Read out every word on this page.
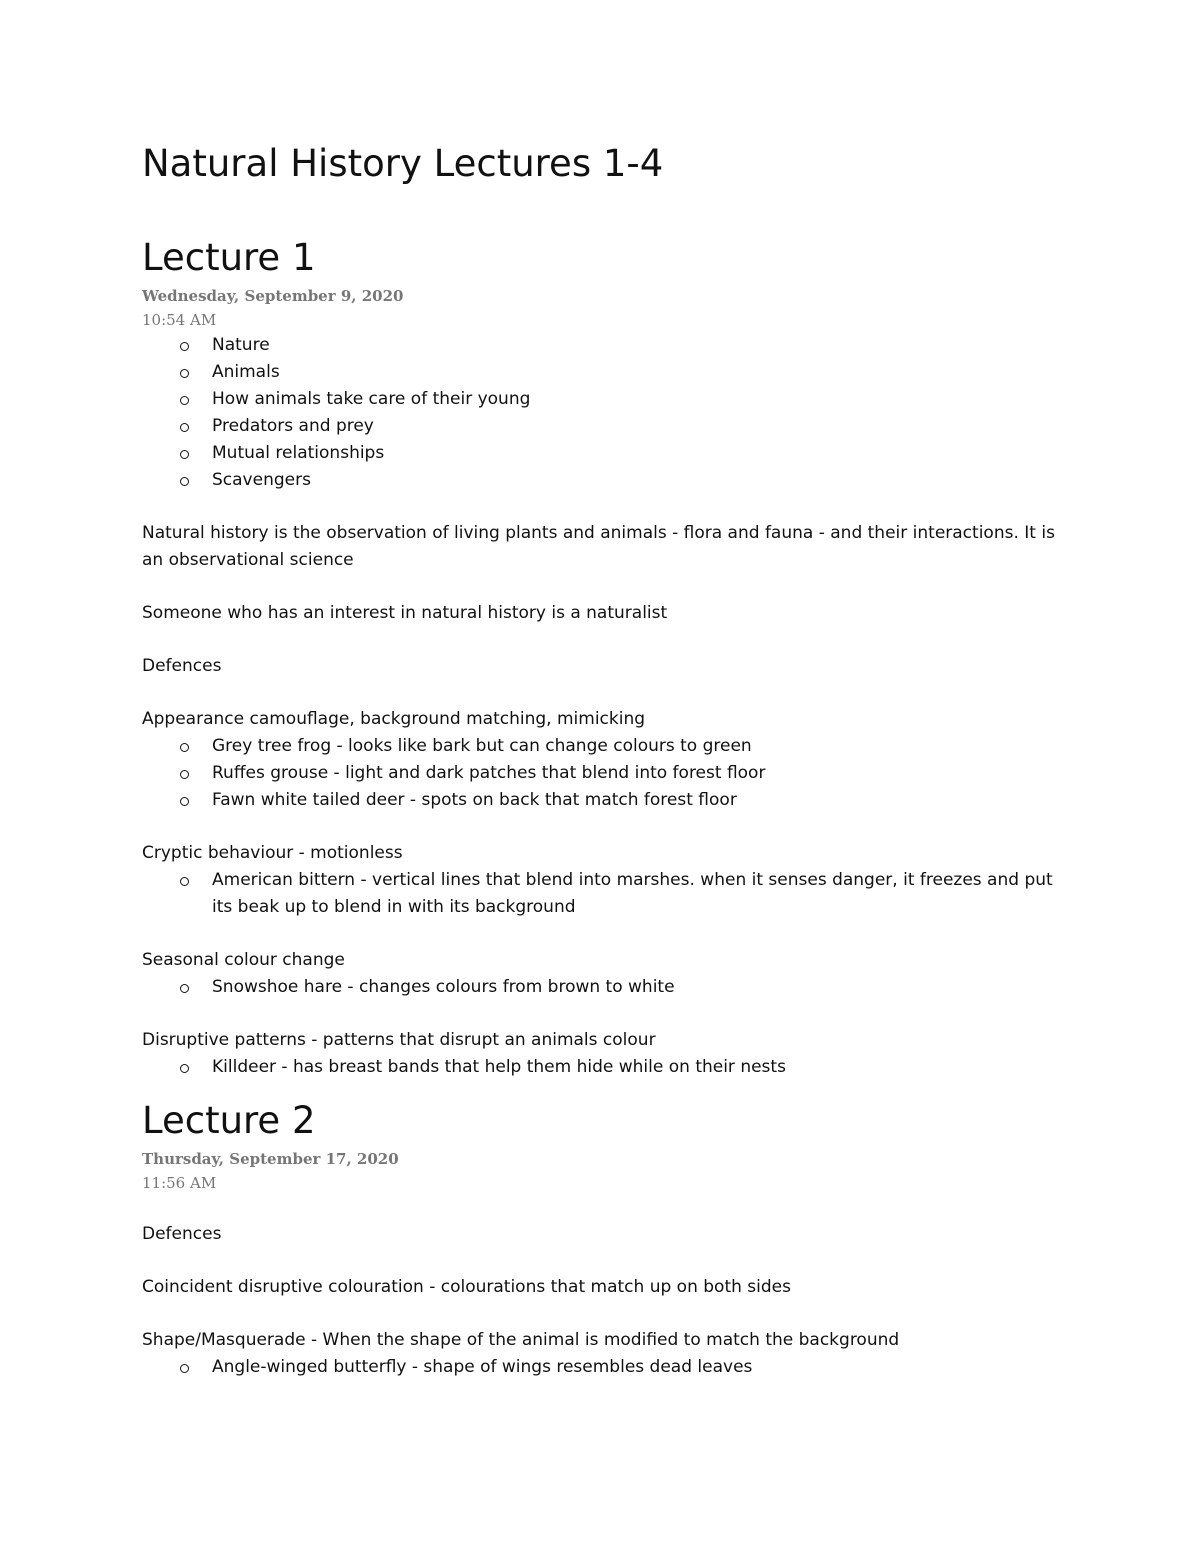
Natural History Lectures 1-4
Lecture 1
Wednesday, September 9, 2020
10:54 AM
Nature
Animals
How animals take care of their young
Predators and prey
Mutual relationships
Scavengers

Natural history is the observation of living plants and animals - flora and fauna - and their interactions. It is an observational science

Someone who has an interest in natural history is a naturalist

Defences

Appearance camouflage, background matching, mimicking

Grey tree frog - looks like bark but can change colours to green
Ruffes grouse - light and dark patches that blend into forest floor
Fawn white tailed deer - spots on back that match forest floor

Cryptic behaviour - motionless

American bittern - vertical lines that blend into marshes. when it senses danger, it freezes and put its beak up to blend in with its background

Seasonal colour change

Snowshoe hare - changes colours from brown to white

Disruptive patterns - patterns that disrupt an animals colour

Killdeer - has breast bands that help them hide while on their nests
Lecture 2
Thursday, September 17, 2020
11:56 AM

Defences

Coincident disruptive colouration - colourations that match up on both sides

Shape/Masquerade - When the shape of the animal is modified to match the background

Angle-winged butterfly - shape of wings resembles dead leaves
